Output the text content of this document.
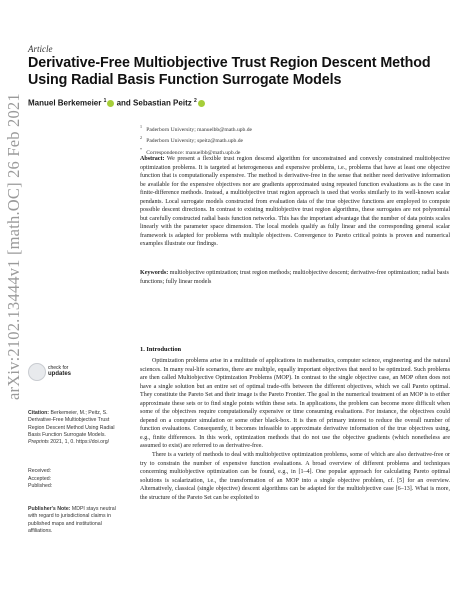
arXiv:2102.13444v1 [math.OC] 26 Feb 2021
Article
Derivative-Free Multiobjective Trust Region Descent Method Using Radial Basis Function Surrogate Models
Manuel Berkemeier $^1$ and Sebastian Peitz $^2$
$^1$   Paderborn University; manuelbb@math.upb.de
$^2$   Paderborn University; speitz@math.upb.de
*   Correspondence: manuelbb@math.upb.de
Abstract: We present a flexible trust region descend algorithm for unconstrained and convexly constrained multiobjective optimization problems. It is targeted at heterogeneous and expensive problems, i.e., problems that have at least one objective function that is computationally expensive. The method is derivative-free in the sense that neither need derivative information be available for the expensive objectives nor are gradients approximated using repeated function evaluations as is the case in finite-difference methods. Instead, a multiobjective trust region approach is used that works similarly to its well-known scalar pendants. Local surrogate models constructed from evaluation data of the true objective functions are employed to compute possible descent directions. In contrast to existing multiobjective trust region algorithms, these surrogates are not polynomial but carefully constructed radial basis function networks. This has the important advantage that the number of data points scales linearly with the parameter space dimension. The local models qualify as fully linear and the corresponding general scalar framework is adapted for problems with multiple objectives. Convergence to Pareto critical points is proven and numerical examples illustrate our findings.
Keywords: multiobjective optimization; trust region methods; multiobjective descent; derivative-free optimization; radial basis functions; fully linear models
check for
updates
Citation: Berkemeier, M.; Peitz, S. Derivative-Free Multiobjective Trust Region Descent Method Using Radial Basis Function Surrogate Models. Preprints 2021, 1, 0. https://doi.org/
Received:
Accepted:
Published:
Publisher's Note: MDPI stays neutral with regard to jurisdictional claims in published maps and institutional affiliations.
1. Introduction

Optimization problems arise in a multitude of applications in mathematics, computer science, engineering and the natural sciences. In many real-life scenarios, there are multiple, equally important objectives that need to be optimized. Such problems are then called Multiobjective Optimization Problems (MOP). In contrast to the single objective case, an MOP often does not have a single solution but an entire set of optimal trade-offs between the different objectives, which we call Pareto optimal. They constitute the Pareto Set and their image is the Pareto Frontier. The goal in the numerical treatment of an MOP is to either approximate these sets or to find single points within these sets. In applications, the problem can become more difficult when some of the objectives require computationally expensive or time consuming evaluations. For instance, the objectives could depend on a computer simulation or some other black-box. It is then of primary interest to reduce the overall number of function evaluations. Consequently, it becomes infeasible to approximate derivative information of the true objectives using, e.g., finite differences. In this work, optimization methods that do not use the objective gradients (which nonetheless are assumed to exist) are referred to as derivative-free.

There is a variety of methods to deal with multiobjective optimization problems, some of which are also derivative-free or try to constrain the number of expensive function evaluations. A broad overview of different problems and techniques concerning multiobjective optimization can be found, e.g., in [1–4]. One popular approach for calculating Pareto optimal solutions is scalarization, i.e., the transformation of an MOP into a single objective problem, cf. [5] for an overview. Alternatively, classical (single objective) descent algorithms can be adapted for the multiobjective case [6–13]. What is more, the structure of the Pareto Set can be exploited to
